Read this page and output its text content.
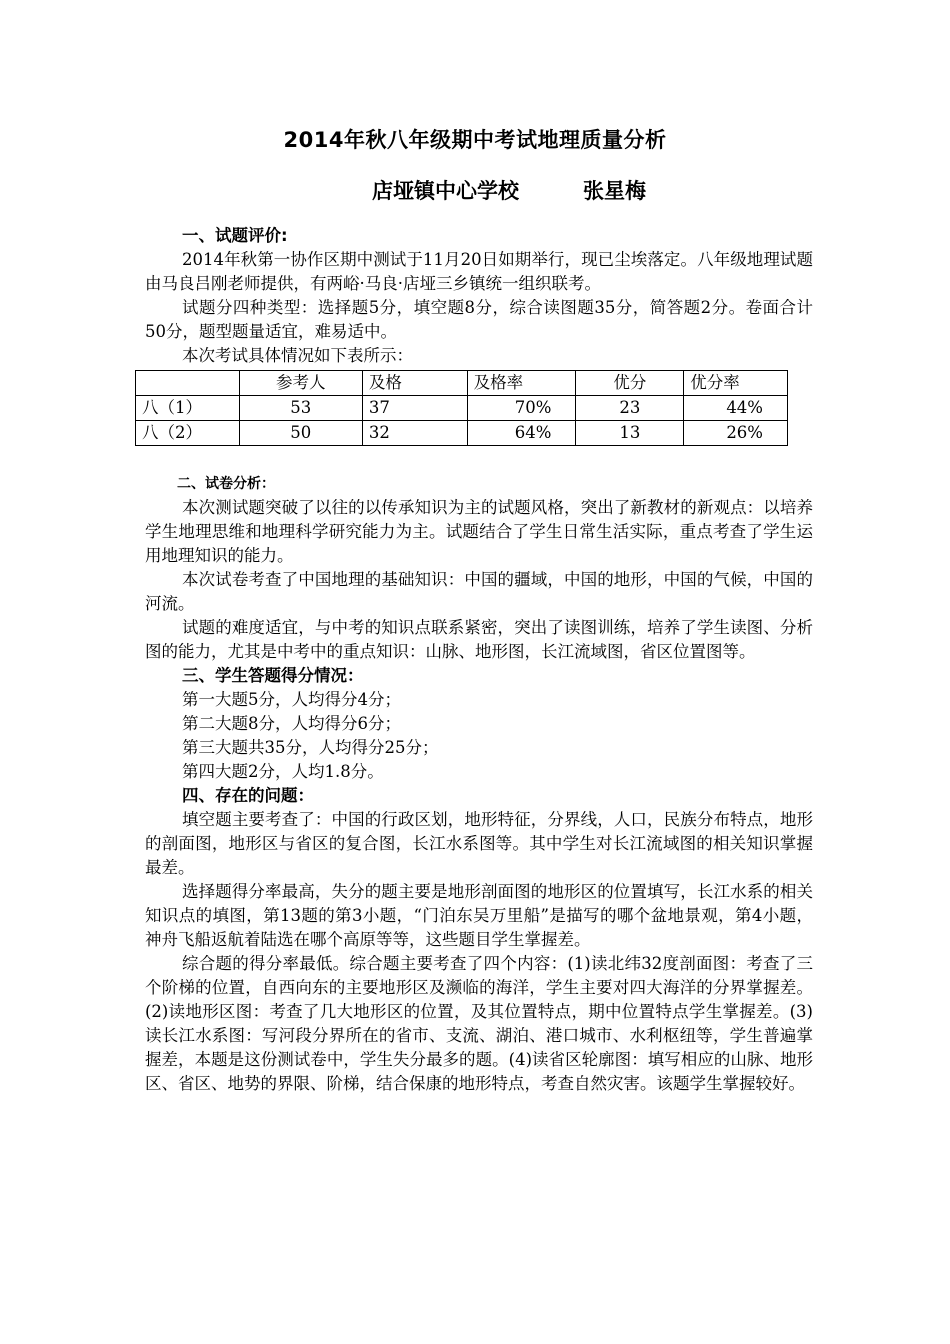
2014年秋八年级期中考试地理质量分析
店垭镇中心学校	张星梅
一、试题评价:

2014年秋第一协作区期中测试于11月20日如期举行，现已尘埃落定。八年级地理试题由马良吕刚老师提供，有两峪·马良·店垭三乡镇统一组织联考。

试题分四种类型：选择题5分，填空题8分，综合读图题35分，简答题2分。卷面合计50分，题型题量适宜，难易适中。

本次考试具体情况如下表所示：

	参考人	及格	及格率	优分	优分率
八（1）	53	37	70%	23	44%
八（2）	50	32	64%	13	26%
二、试卷分析：

本次测试题突破了以往的以传承知识为主的试题风格，突出了新教材的新观点：以培养学生地理思维和地理科学研究能力为主。试题结合了学生日常生活实际，重点考查了学生运用地理知识的能力。

本次试卷考查了中国地理的基础知识：中国的疆域，中国的地形，中国的气候，中国的河流。

试题的难度适宜，与中考的知识点联系紧密，突出了读图训练，培养了学生读图、分析图的能力，尤其是中考中的重点知识：山脉、地形图，长江流域图，省区位置图等。

三、学生答题得分情况：

第一大题5分，人均得分4分；

第二大题8分，人均得分6分；

第三大题共35分，人均得分25分；

第四大题2分，人均1.8分。

四、存在的问题：

填空题主要考查了：中国的行政区划，地形特征，分界线，人口，民族分布特点，地形的剖面图，地形区与省区的复合图，长江水系图等。其中学生对长江流域图的相关知识掌握最差。

选择题得分率最高，失分的题主要是地形剖面图的地形区的位置填写，长江水系的相关知识点的填图，第13题的第3小题，“门泊东吴万里船”是描写的哪个盆地景观，第4小题，神舟飞船返航着陆选在哪个高原等等，这些题目学生掌握差。

综合题的得分率最低。综合题主要考查了四个内容：(1)读北纬32度剖面图：考查了三个阶梯的位置，自西向东的主要地形区及濒临的海洋，学生主要对四大海洋的分界掌握差。(2)读地形区图：考查了几大地形区的位置，及其位置特点，期中位置特点学生掌握差。(3)读长江水系图：写河段分界所在的省市、支流、湖泊、港口城市、水利枢纽等，学生普遍掌握差，本题是这份测试卷中，学生失分最多的题。(4)读省区轮廓图：填写相应的山脉、地形区、省区、地势的界限、阶梯，结合保康的地形特点，考查自然灾害。该题学生掌握较好。
